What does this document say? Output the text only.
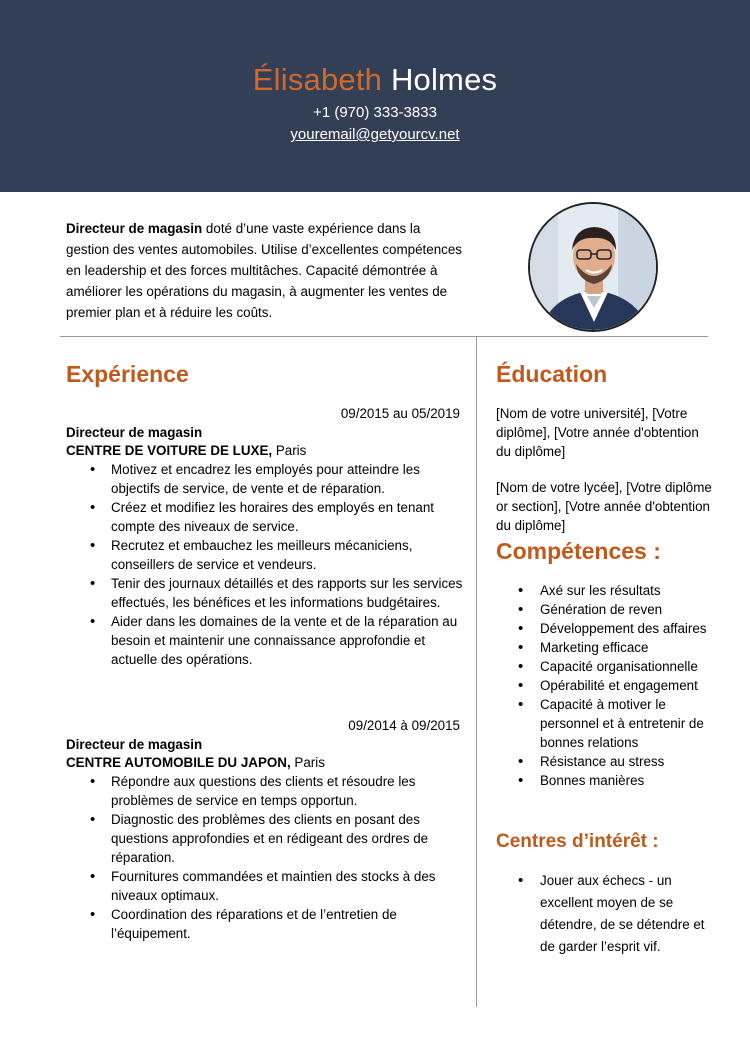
Élisabeth Holmes
+1 (970) 333-3833
youremail@getyourcv.net
Directeur de magasin doté d’une vaste expérience dans la gestion des ventes automobiles. Utilise d’excellentes compétences en leadership et des forces multitâches. Capacité démontrée à améliorer les opérations du magasin, à augmenter les ventes de premier plan et à réduire les coûts.
Expérience
09/2015 au 05/2019
Directeur de magasin
CENTRE DE VOITURE DE LUXE, Paris
• Motivez et encadrez les employés pour atteindre les objectifs de service, de vente et de réparation.
• Créez et modifiez les horaires des employés en tenant compte des niveaux de service.
• Recrutez et embauchez les meilleurs mécaniciens, conseillers de service et vendeurs.
• Tenir des journaux détaillés et des rapports sur les services effectués, les bénéfices et les informations budgétaires.
• Aider dans les domaines de la vente et de la réparation au besoin et maintenir une connaissance approfondie et actuelle des opérations.
09/2014 à 09/2015
Directeur de magasin
CENTRE AUTOMOBILE DU JAPON, Paris
• Répondre aux questions des clients et résoudre les problèmes de service en temps opportun.
• Diagnostic des problèmes des clients en posant des questions approfondies et en rédigeant des ordres de réparation.
• Fournitures commandées et maintien des stocks à des niveaux optimaux.
• Coordination des réparations et de l’entretien de l’équipement.
Éducation
[Nom de votre université], [Votre diplôme], [Votre année d'obtention du diplôme]
[Nom de votre lycée], [Votre diplôme or section], [Votre année d'obtention du diplôme]
Compétences :
• Axé sur les résultats
• Génération de reven
• Développement des affaires
• Marketing efficace
• Capacité organisationnelle
• Opérabilité et engagement
• Capacité à motiver le personnel et à entretenir de bonnes relations
• Résistance au stress
• Bonnes manières
Centres d’intérêt :
• Jouer aux échecs - un excellent moyen de se détendre, de se détendre et de garder l’esprit vif.
